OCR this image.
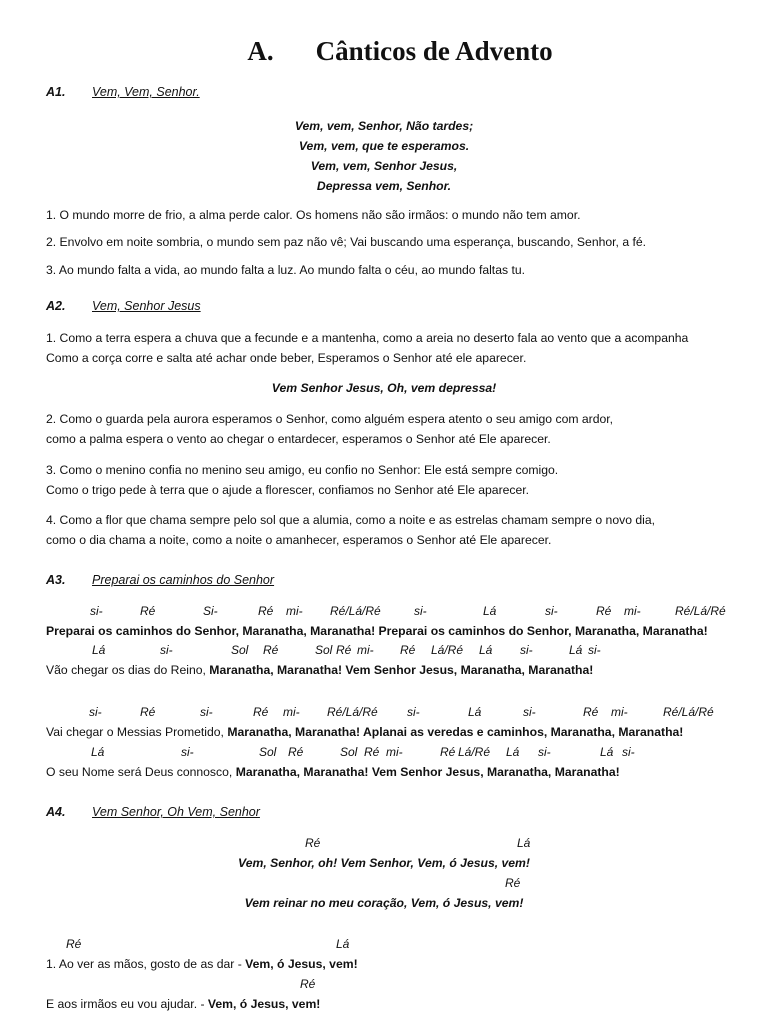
A. Cânticos de Advento
A1. Vem, Vem, Senhor.
Vem, vem, Senhor, Não tardes;
Vem, vem, que te esperamos.
Vem, vem, Senhor Jesus,
Depressa vem, Senhor.
1. O mundo morre de frio, a alma perde calor. Os homens não são irmãos: o mundo não tem amor.
2. Envolvo em noite sombria, o mundo sem paz não vê; Vai buscando uma esperança, buscando, Senhor, a fé.
3. Ao mundo falta a vida, ao mundo falta a luz. Ao mundo falta o céu, ao mundo faltas tu.
A2. Vem, Senhor Jesus
1. Como a terra espera a chuva que a fecunde e a mantenha, como a areia no deserto fala ao vento que a acompanha
Como a corça corre e salta até achar onde beber, Esperamos o Senhor até ele aparecer.
Vem Senhor Jesus, Oh, vem depressa!
2. Como o guarda pela aurora esperamos o Senhor, como alguém espera atento o seu amigo com ardor,
como a palma espera o vento ao chegar o entardecer, esperamos o Senhor até Ele aparecer.
3. Como o menino confia no menino seu amigo, eu confio no Senhor: Ele está sempre comigo.
Como o trigo pede à terra que o ajude a florescer, confiamos no Senhor até Ele aparecer.
4. Como a flor que chama sempre pelo sol que a alumia, como a noite e as estrelas chamam sempre o novo dia,
como o dia chama a noite, como a noite o amanhecer, esperamos o Senhor até Ele aparecer.
A3. Preparai os caminhos do Senhor
si-	Ré	Si-	Ré mi- Ré/Lá/Ré	si-	Lá	si-	Ré mi-	Ré/Lá/Ré
Preparai os caminhos do Senhor, Maranatha, Maranatha! Preparai os caminhos do Senhor, Maranatha, Maranatha!
Lá	si-	Sol Ré	Sol Ré mi- Ré Lá/Ré Lá si-	Lá si-
Vão chegar os dias do Reino, Maranatha, Maranatha! Vem Senhor Jesus, Maranatha, Maranatha!
si-	Ré	si-	Ré mi- Ré/Lá/Ré si-	Lá	si-	Ré mi-	Ré/Lá/Ré
Vai chegar o Messias Prometido, Maranatha, Maranatha! Aplanai as veredas e caminhos, Maranatha, Maranatha!
Lá	si-	Sol Ré	Sol Ré mi-	Ré Lá/Ré Lá si-	Lá si-
O seu Nome será Deus connosco, Maranatha, Maranatha! Vem Senhor Jesus, Maranatha, Maranatha!
A4. Vem Senhor, Oh Vem, Senhor
Ré	Lá
Vem, Senhor, oh! Vem Senhor, Vem, ó Jesus, vem!
Ré
Vem reinar no meu coração, Vem, ó Jesus, vem!
Ré	Lá
1. Ao ver as mãos, gosto de as dar - Vem, ó Jesus, vem!
Ré
E aos irmãos eu vou ajudar. - Vem, ó Jesus, vem!
